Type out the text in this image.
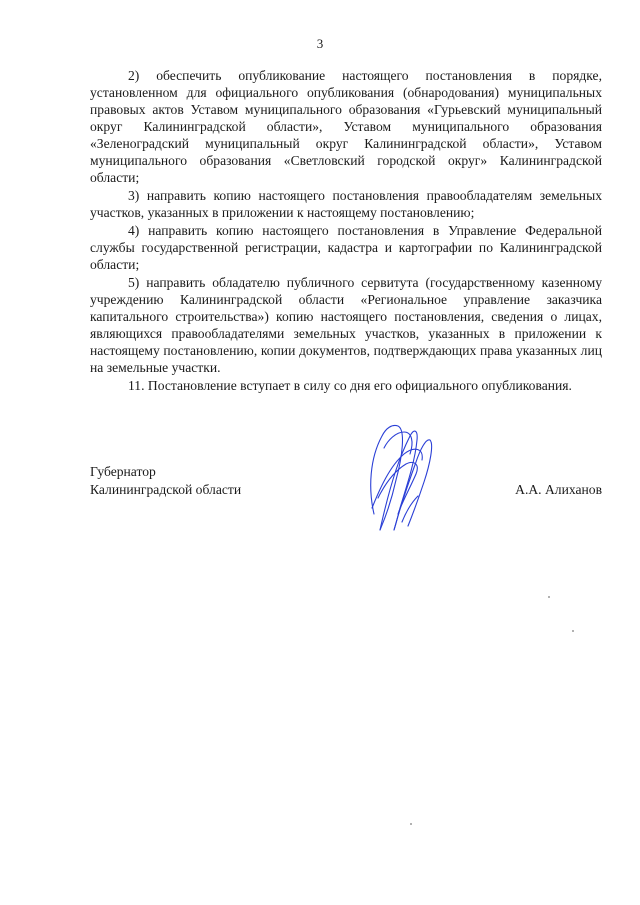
3

2) обеспечить опубликование настоящего постановления в порядке, установленном для официального опубликования (обнародования) муниципальных правовых актов Уставом муниципального образования «Гурьевский муниципальный округ Калининградской области», Уставом муниципального образования «Зеленоградский муниципальный округ Калининградской области», Уставом муниципального образования «Светловский городской округ» Калининградской области;

3) направить копию настоящего постановления правообладателям земельных участков, указанных в приложении к настоящему постановлению;

4) направить копию настоящего постановления в Управление Федеральной службы государственной регистрации, кадастра и картографии по Калининградской области;

5) направить обладателю публичного сервитута (государственному казенному учреждению Калининградской области «Региональное управление заказчика капитального строительства») копию настоящего постановления, сведения о лицах, являющихся правообладателями земельных участков, указанных в приложении к настоящему постановлению, копии документов, подтверждающих права указанных лиц на земельные участки.

11. Постановление вступает в силу со дня его официального опубликования.

Губернатор
Калининградской области	А.А. Алиханов
